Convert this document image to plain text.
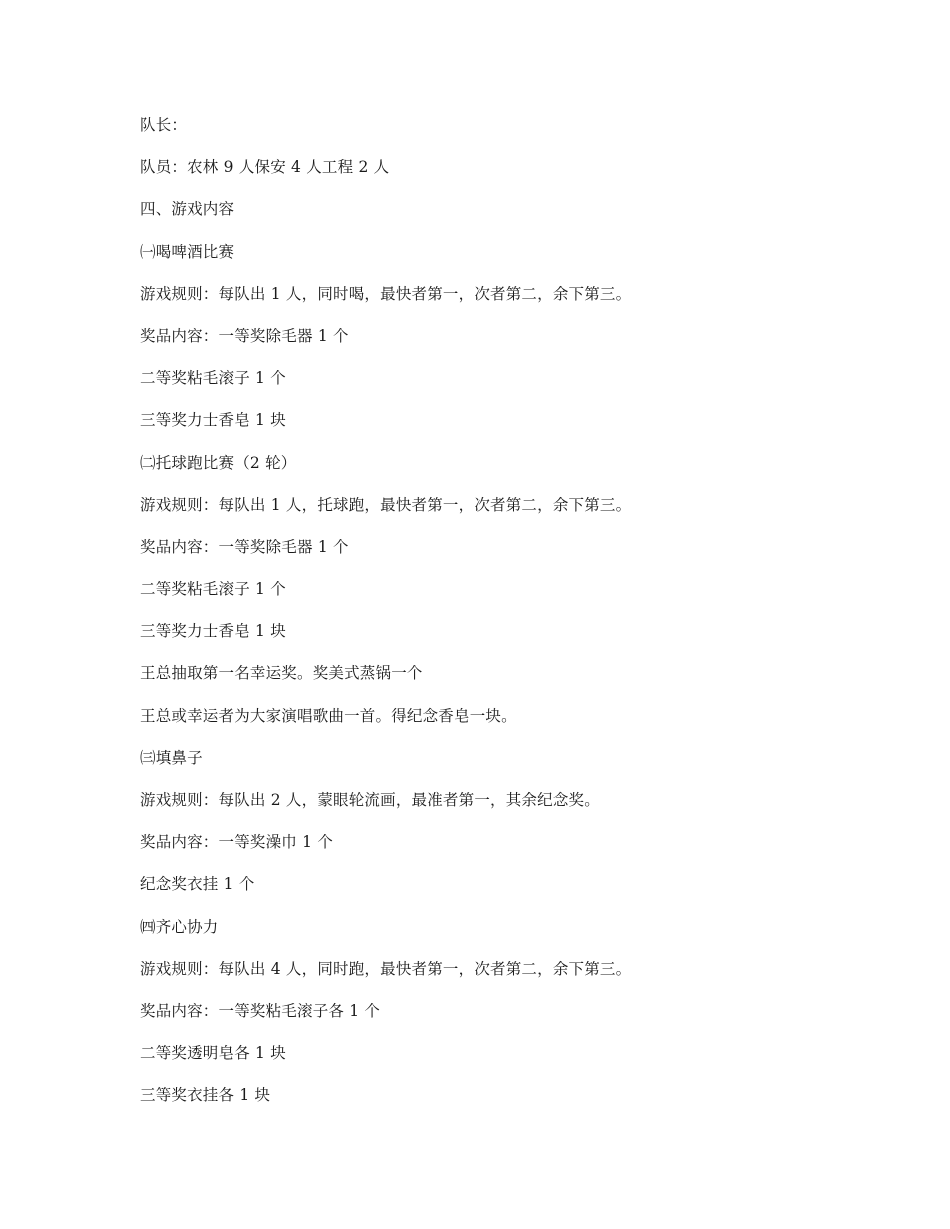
队长：

队员：农林 9 人保安 4 人工程 2 人

四、游戏内容

㈠喝啤酒比赛

游戏规则：每队出 1 人，同时喝，最快者第一，次者第二，余下第三。

奖品内容：一等奖除毛器 1 个

二等奖粘毛滚子 1 个

三等奖力士香皂 1 块

㈡托球跑比赛（2 轮）

游戏规则：每队出 1 人，托球跑，最快者第一，次者第二，余下第三。

奖品内容：一等奖除毛器 1 个

二等奖粘毛滚子 1 个

三等奖力士香皂 1 块

王总抽取第一名幸运奖。奖美式蒸锅一个

王总或幸运者为大家演唱歌曲一首。得纪念香皂一块。

㈢填鼻子

游戏规则：每队出 2 人，蒙眼轮流画，最准者第一，其余纪念奖。

奖品内容：一等奖澡巾 1 个

纪念奖衣挂 1 个

㈣齐心协力

游戏规则：每队出 4 人，同时跑，最快者第一，次者第二，余下第三。

奖品内容：一等奖粘毛滚子各 1 个

二等奖透明皂各 1 块

三等奖衣挂各 1 块
